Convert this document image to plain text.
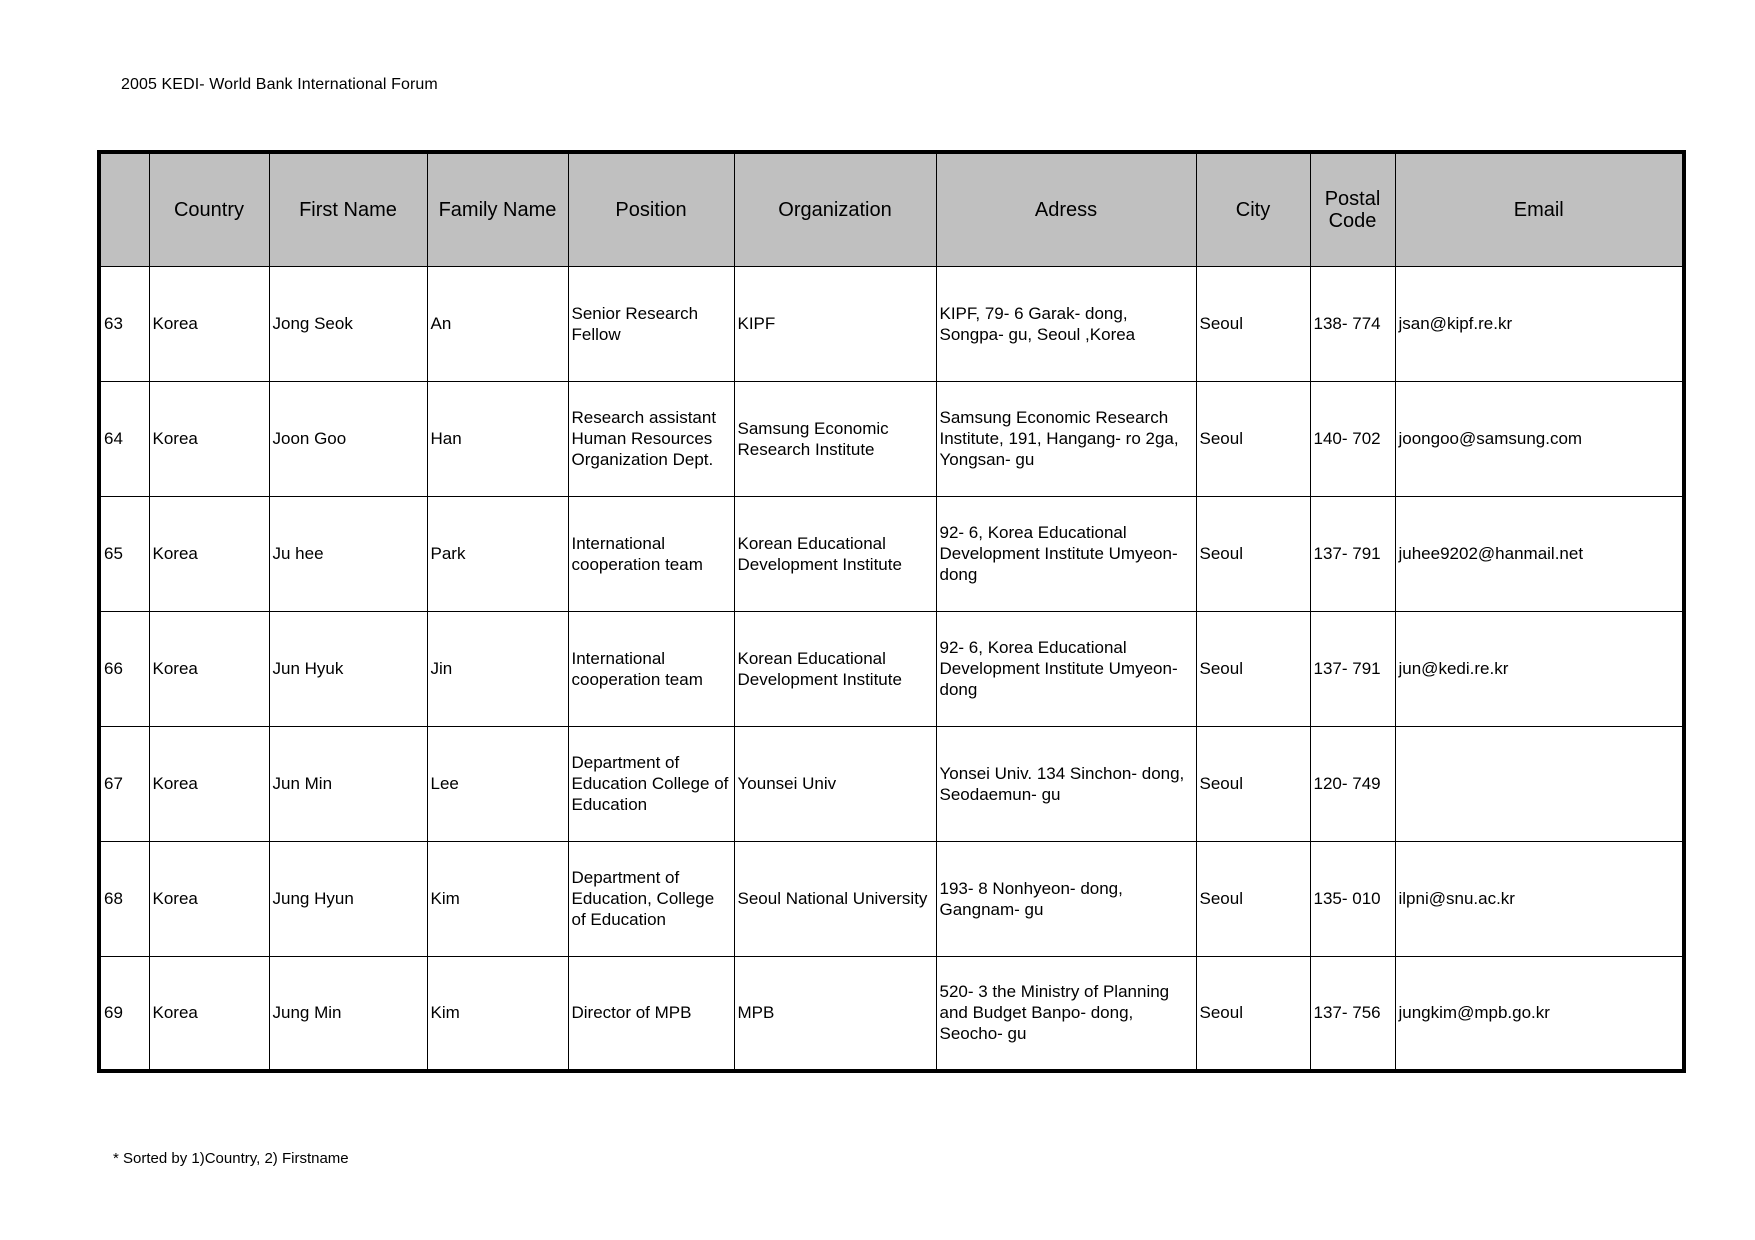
2005 KEDI- World Bank International Forum
	Country	First Name	Family Name	Position	Organization	Adress	City	Postal Code	Email
63	Korea	Jong Seok	An	Senior Research Fellow	KIPF	KIPF, 79- 6 Garak- dong, Songpa- gu, Seoul ,Korea	Seoul	138- 774	jsan@kipf.re.kr
64	Korea	Joon Goo	Han	Research assistant Human Resources Organization Dept.	Samsung Economic Research Institute	Samsung Economic Research Institute, 191, Hangang- ro 2ga, Yongsan- gu	Seoul	140- 702	joongoo@samsung.com
65	Korea	Ju hee	Park	International cooperation team	Korean Educational Development Institute	92- 6, Korea Educational Development Institute Umyeon- dong	Seoul	137- 791	juhee9202@hanmail.net
66	Korea	Jun Hyuk	Jin	International cooperation team	Korean Educational Development Institute	92- 6, Korea Educational Development Institute Umyeon- dong	Seoul	137- 791	jun@kedi.re.kr
67	Korea	Jun Min	Lee	Department of Education College of Education	Younsei Univ	Yonsei Univ. 134 Sinchon- dong, Seodaemun- gu	Seoul	120- 749	
68	Korea	Jung Hyun	Kim	Department of Education, College of Education	Seoul National University	193- 8 Nonhyeon- dong, Gangnam- gu	Seoul	135- 010	ilpni@snu.ac.kr
69	Korea	Jung Min	Kim	Director of MPB	MPB	520- 3 the Ministry of Planning and Budget Banpo- dong, Seocho- gu	Seoul	137- 756	jungkim@mpb.go.kr
* Sorted by 1)Country, 2) Firstname
